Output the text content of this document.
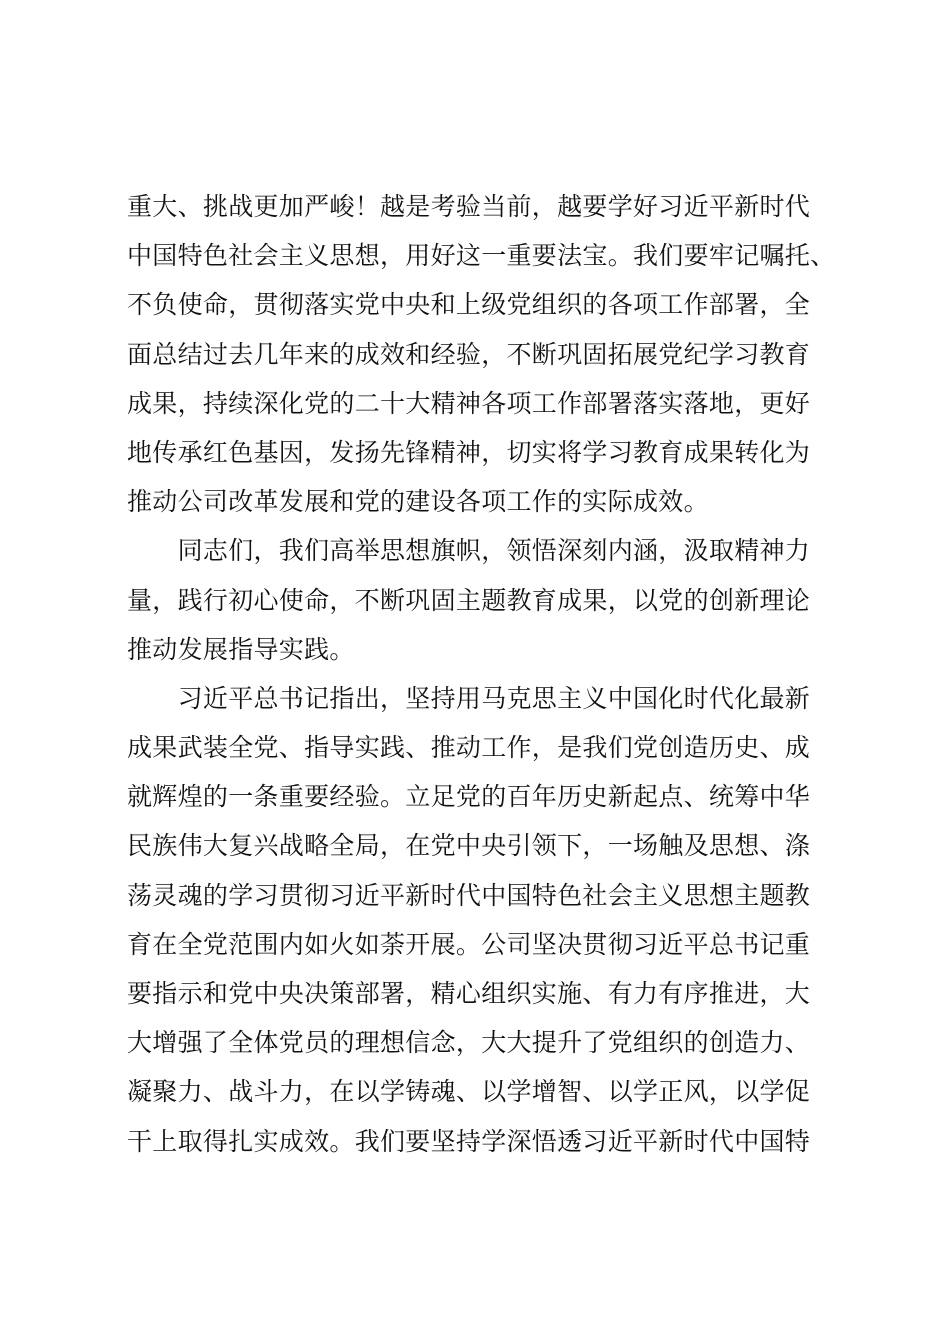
重大、挑战更加严峻！越是考验当前，越要学好习近平新时代
中国特色社会主义思想，用好这一重要法宝。我们要牢记嘱托、
不负使命，贯彻落实党中央和上级党组织的各项工作部署，全
面总结过去几年来的成效和经验，不断巩固拓展党纪学习教育
成果，持续深化党的二十大精神各项工作部署落实落地，更好
地传承红色基因，发扬先锋精神，切实将学习教育成果转化为
推动公司改革发展和党的建设各项工作的实际成效。
　　同志们，我们高举思想旗帜，领悟深刻内涵，汲取精神力
量，践行初心使命，不断巩固主题教育成果，以党的创新理论
推动发展指导实践。
　　习近平总书记指出，坚持用马克思主义中国化时代化最新
成果武装全党、指导实践、推动工作，是我们党创造历史、成
就辉煌的一条重要经验。立足党的百年历史新起点、统筹中华
民族伟大复兴战略全局，在党中央引领下，一场触及思想、涤
荡灵魂的学习贯彻习近平新时代中国特色社会主义思想主题教
育在全党范围内如火如荼开展。公司坚决贯彻习近平总书记重
要指示和党中央决策部署，精心组织实施、有力有序推进，大
大增强了全体党员的理想信念，大大提升了党组织的创造力、
凝聚力、战斗力，在以学铸魂、以学增智、以学正风，以学促
干上取得扎实成效。我们要坚持学深悟透习近平新时代中国特
